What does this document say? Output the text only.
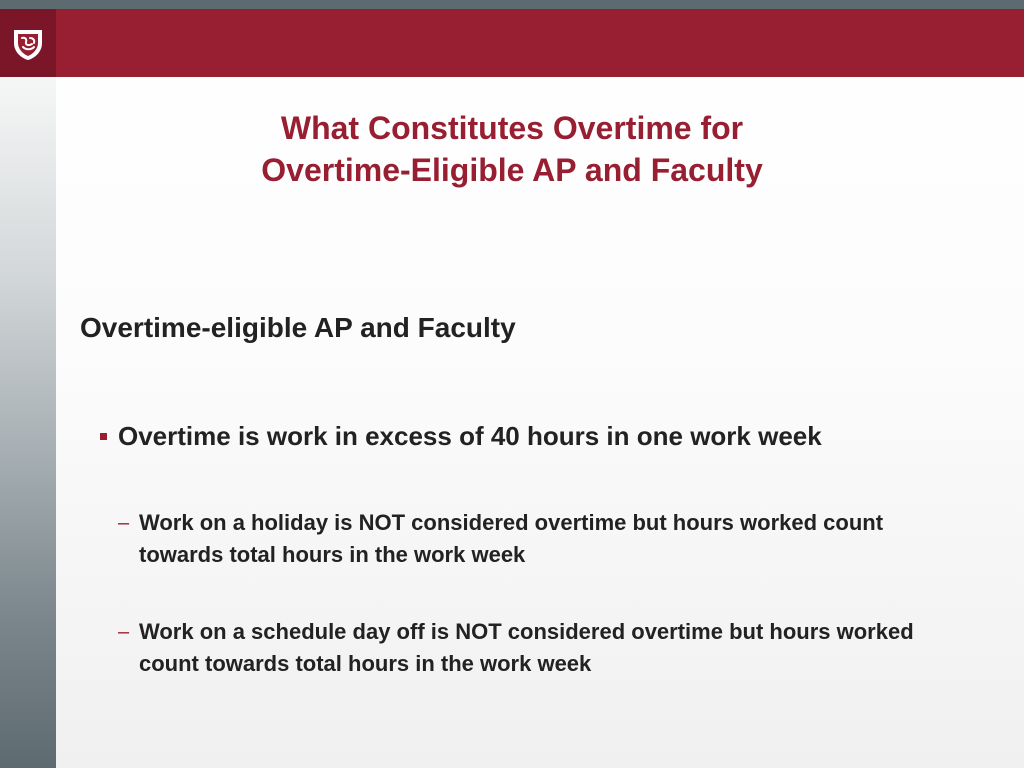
What Constitutes Overtime for
Overtime-Eligible AP and Faculty
Overtime-eligible AP and Faculty
Overtime is work in excess of 40 hours in one work week
– Work on a holiday is NOT considered overtime but hours worked count towards total hours in the work week
– Work on a schedule day off is NOT considered overtime but hours worked count towards total hours in the work week
